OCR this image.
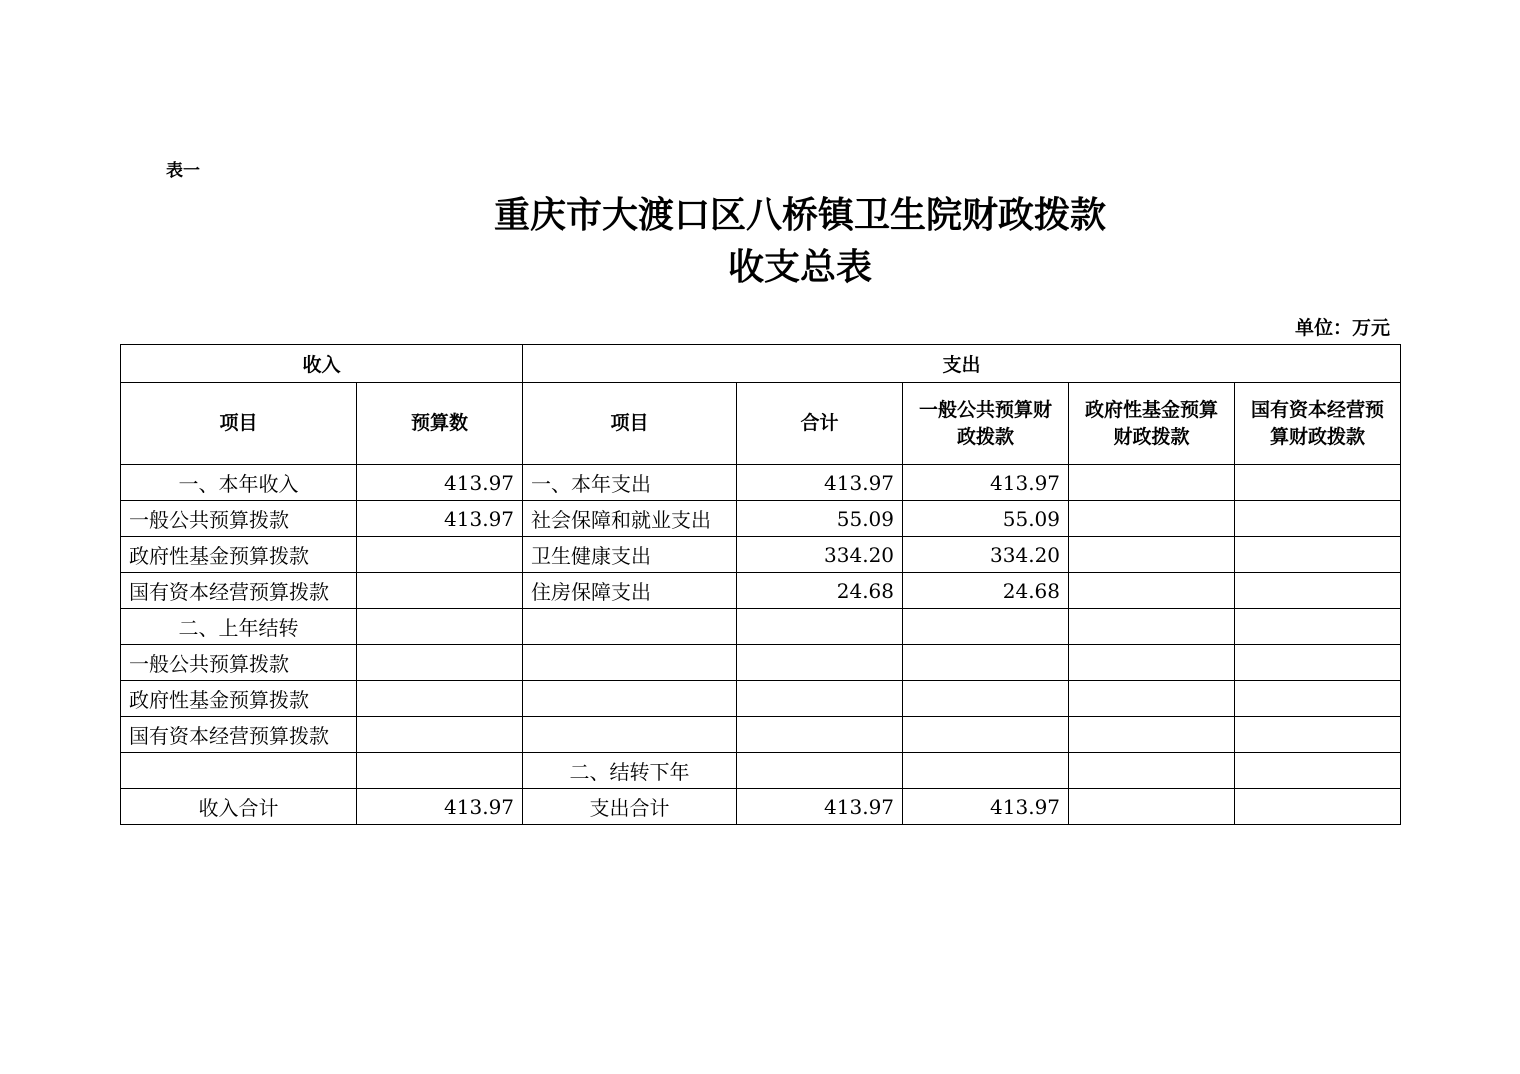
表一
重庆市大渡口区八桥镇卫生院财政拨款
收支总表
单位：万元
收入		支出				
项目	预算数	项目	合计	一般公共预算财政拨款	政府性基金预算财政拨款	国有资本经营预算财政拨款
一、本年收入	413.97	一、本年支出	413.97	413.97		
一般公共预算拨款	413.97	社会保障和就业支出	55.09	55.09		
政府性基金预算拨款		卫生健康支出	334.20	334.20		
国有资本经营预算拨款		住房保障支出	24.68	24.68		
二、上年结转						
一般公共预算拨款						
政府性基金预算拨款						
国有资本经营预算拨款						
		二、结转下年				
收入合计	413.97	支出合计	413.97	413.97		
